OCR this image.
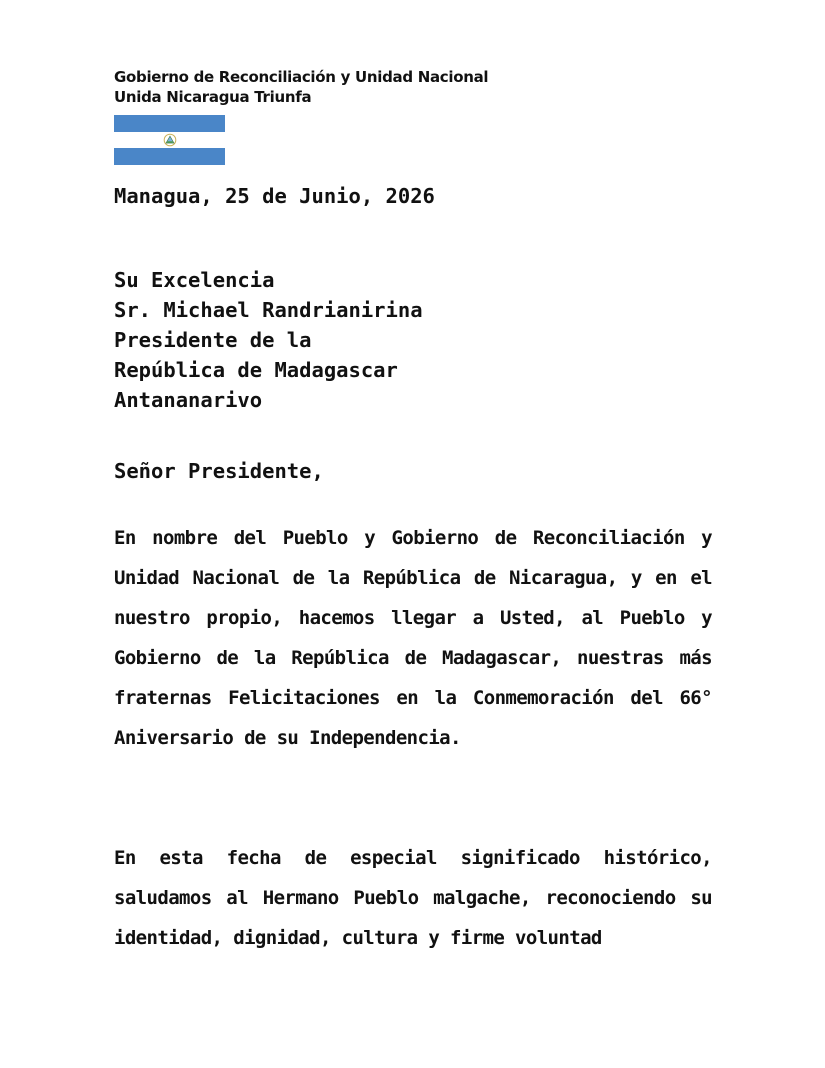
Gobierno de Reconciliación y Unidad Nacional
Unida Nicaragua Triunfa
Managua, 25 de Junio, 2026
Su Excelencia
Sr. Michael Randrianirina
Presidente de la
República de Madagascar
Antananarivo
Señor Presidente,
En nombre del Pueblo y Gobierno de Reconciliación y Unidad Nacional de la República de Nicaragua, y en el nuestro propio, hacemos llegar a Usted, al Pueblo y Gobierno de la República de Madagascar, nuestras más fraternas Felicitaciones en la Conmemoración del 66° Aniversario de su Independencia.
En esta fecha de especial significado histórico, saludamos al Hermano Pueblo malgache, reconociendo su identidad, dignidad, cultura y firme voluntad
